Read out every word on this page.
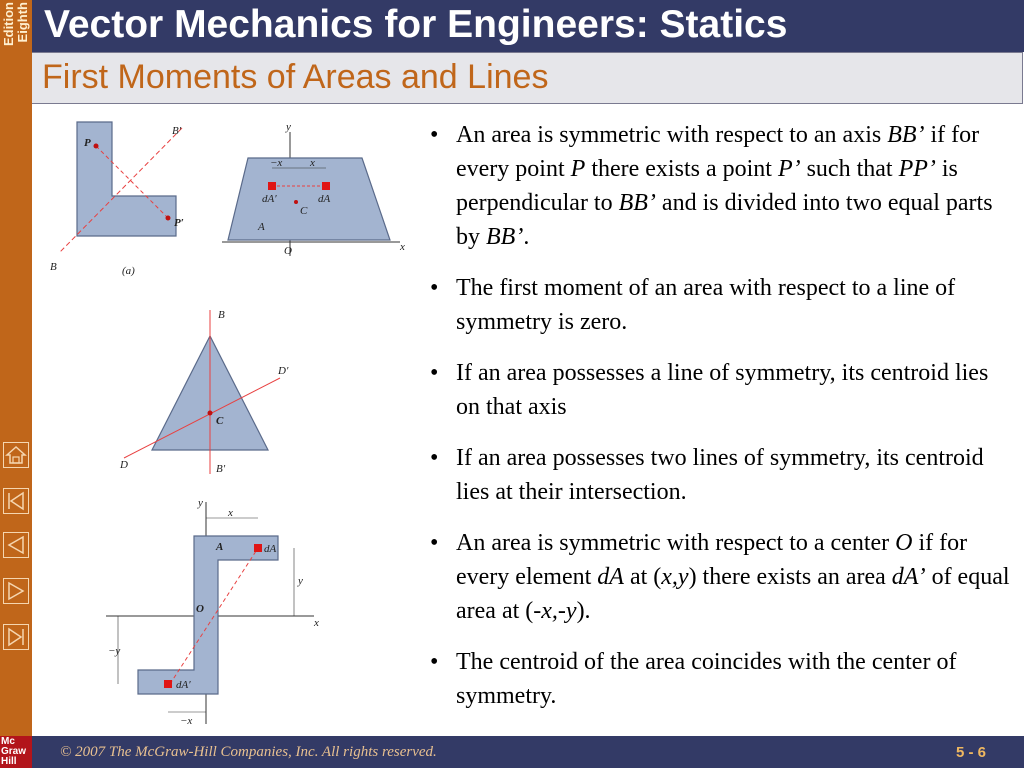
Eighth
Edition Vector Mechanics for Engineers: Statics
First Moments of Areas and Lines
B′
B
P
P′
(a)
y
−x	x
dA′	dA
C
A
O	x
B
B′
D
D′
C
y
x
A	dA
y
O
x
−y
dA′
−x
• An area is symmetric with respect to an axis BB’ if for every point P there exists a point P’ such that PP’ is perpendicular to BB’ and is divided into two equal parts by BB’.
• The first moment of an area with respect to a line of symmetry is zero.
• If an area possesses a line of symmetry, its centroid lies on that axis
• If an area possesses two lines of symmetry, its centroid lies at their intersection.
• An area is symmetric with respect to a center O if for every element dA at (x,y) there exists an area dA’ of equal area at (-x,-y).
• The centroid of the area coincides with the center of symmetry.
Mc
Graw
Hill
© 2007 The McGraw-Hill Companies, Inc. All rights reserved.	5 - 6
